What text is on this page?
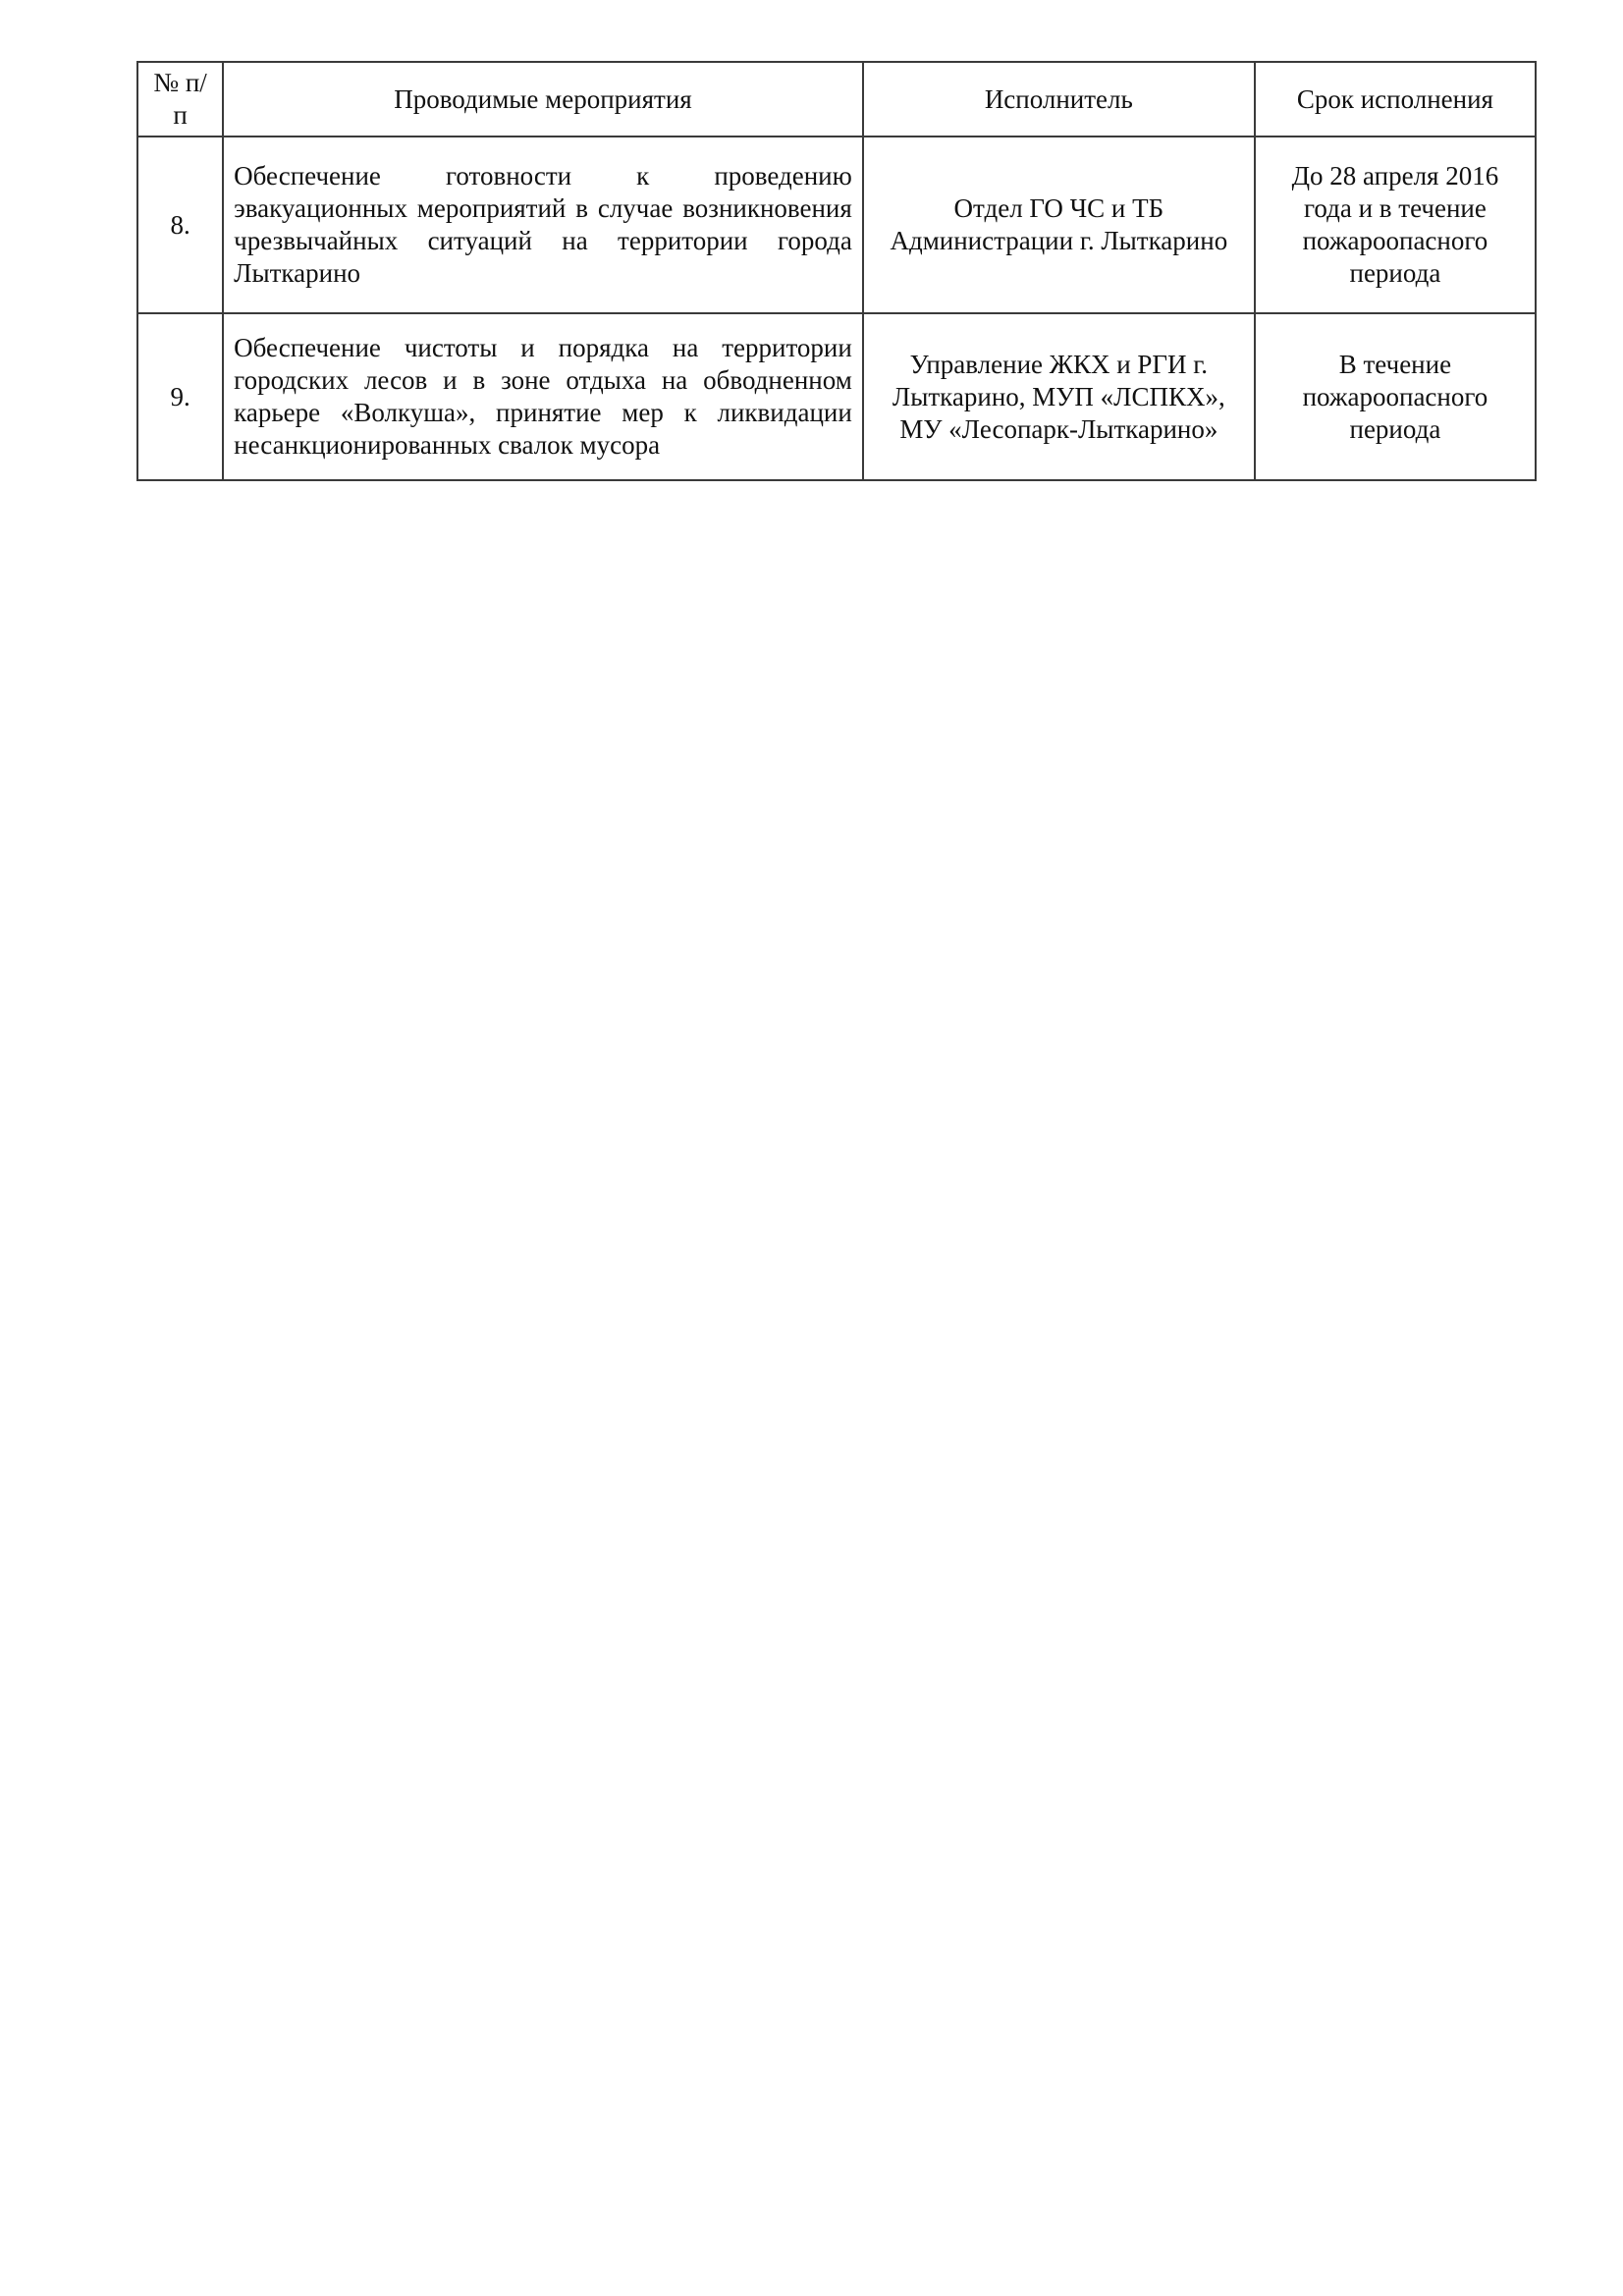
№ п/п	Проводимые мероприятия	Исполнитель	Срок исполнения
8.	Обеспечение готовности к проведению эвакуационных мероприятий в случае возникновения чрезвычайных ситуаций на территории города Лыткарино	Отдел ГО ЧС и ТБ Администрации г. Лыткарино	До 28 апреля 2016 года и в течение пожароопасного периода
9.	Обеспечение чистоты и порядка на территории городских лесов и в зоне отдыха на обводненном карьере «Волкуша», принятие мер к ликвидации несанкционированных свалок мусора	Управление ЖКХ и РГИ г. Лыткарино, МУП «ЛСПКХ», МУ «Лесопарк-Лыткарино»	В течение пожароопасного периода
